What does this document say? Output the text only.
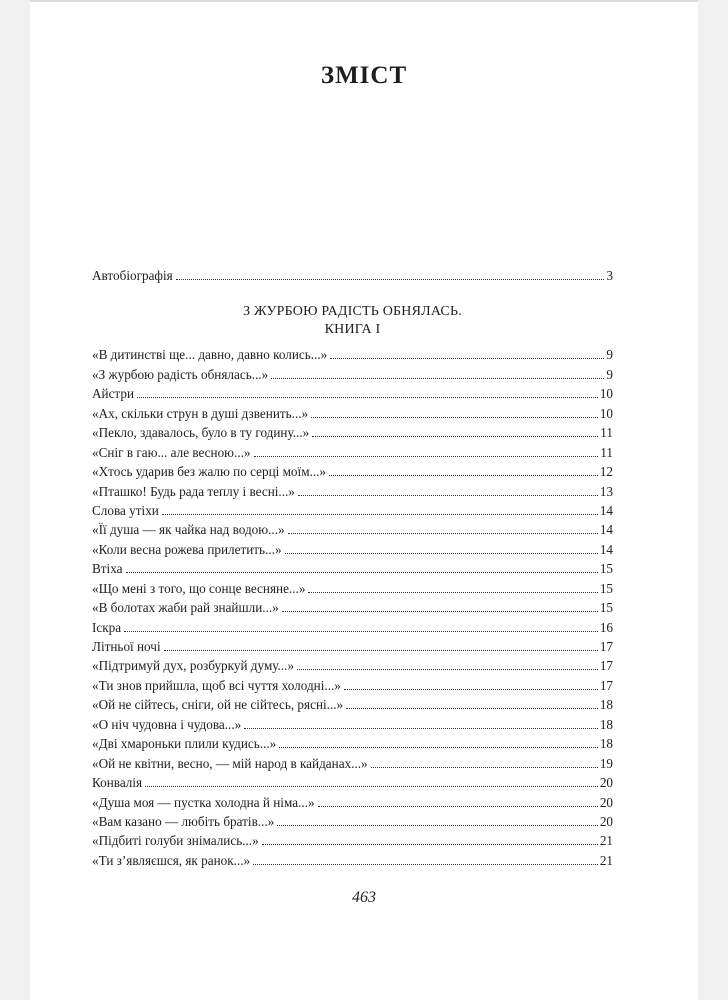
ЗМІСТ
Автобіографія	3
З ЖУРБОЮ РАДІСТЬ ОБНЯЛАСЬ.
КНИГА І
«В дитинстві ще... давно, давно колись...»	9
«З журбою радість обнялась...»	9
Айстри	10
«Ах, скільки струн в душі дзвенить...»	10
«Пекло, здавалось, було в ту годину...»	11
«Сніг в гаю... але весною...»	11
«Хтось ударив без жалю по серці моїм...»	12
«Пташко! Будь рада теплу і весні...»	13
Слова утіхи	14
«Її душа — як чайка над водою...»	14
«Коли весна рожева прилетить...»	14
Втіха	15
«Що мені з того, що сонце весняне...»	15
«В болотах жаби рай знайшли...»	15
Іскра	16
Літньої ночі	17
«Підтримуй дух, розбуркуй думу...»	17
«Ти знов прийшла, щоб всі чуття холодні...»	17
«Ой не сійтесь, сніги, ой не сійтесь, рясні...»	18
«О ніч чудовна і чудова...»	18
«Дві хмароньки плили кудись...»	18
«Ой не квітни, весно, — мій народ в кайданах...»	19
Конвалія	20
«Душа моя — пустка холодна й німа...»	20
«Вам казано — любіть братів...»	20
«Підбиті голуби знімались...»	21
«Ти з’являєшся, як ранок...»	21
463
